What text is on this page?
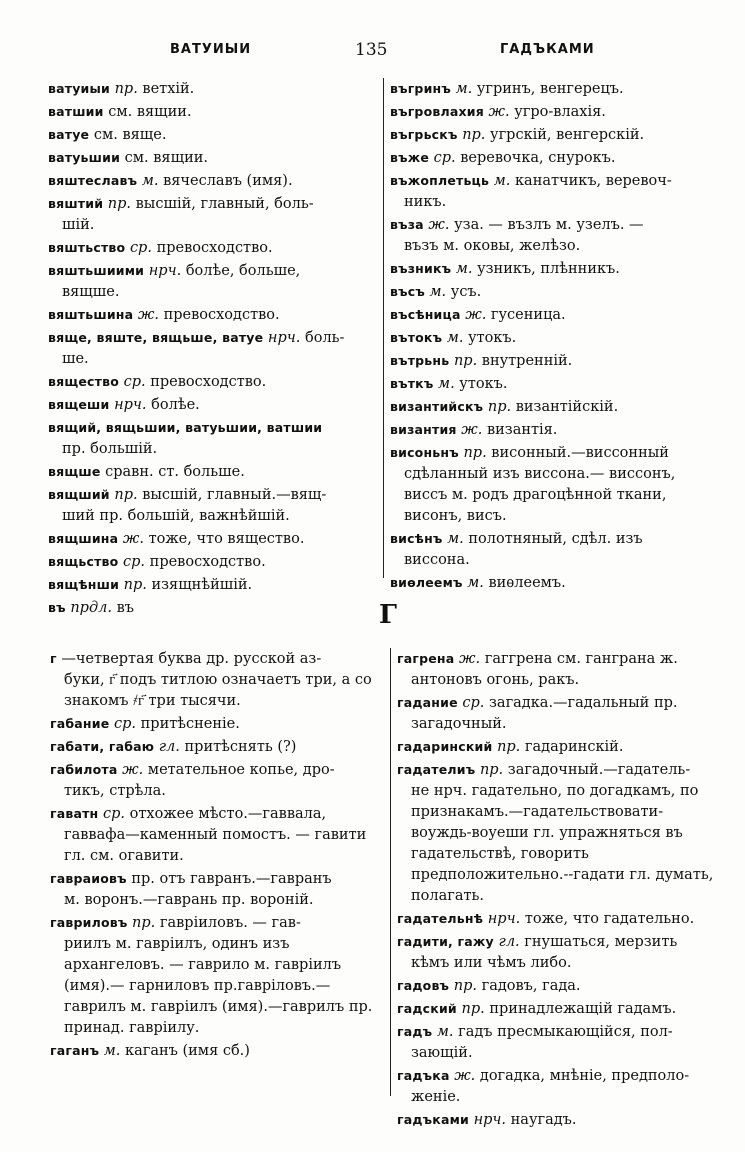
ВАТУИЫИ	135	ГАДЪКАМИ
ватуиыи пр. ветхій.
ватшии см. вящии.
ватуе см. вяще.
ватуьшии см. вящии.
вяштеславъ м. вячеславъ (имя).
вяштий пр. высшій, главный, боль-
шій.
вяштьство ср. превосходство.
вяштьшиими нрч. болѣе, больше,
вящше.
вяштьшина ж. превосходство.
вяще, вяште, вящьше, ватуе нрч. боль-
ше.
вящество ср. превосходство.
вящеши нрч. болѣе.
вящий, вящьшии, ватуьшии, ватшии
пр. большій.
вящше сравн. ст. больше.
вящший пр. высшій, главный.—вящ-
ший пр. большій, важнѣйшій.
вящшина ж. тоже, что вящество.
вящьство ср. превосходство.
вящѣнши пр. изящнѣйшій.
въ прдл. въ
въгринъ м. угринъ, венгерецъ.
въгровлахия ж. угро-влахія.
въгрьскъ пр. угрскій, венгерскій.
въже ср. веревочка, снурокъ.
въжоплетьць м. канатчикъ, веревоч-
никъ.
въза ж. уза. — възлъ м. узелъ. —
възъ м. оковы, желѣзо.
възникъ м. узникъ, плѣнникъ.
въсъ м. усъ.
въсѣница ж. гусеница.
вътокъ м. утокъ.
вътрьнь пр. внутренній.
въткъ м. утокъ.
византийскъ пр. византійскій.
византия ж. византія.
висоньнъ пр. висонный.—виссонный
сдѣланный изъ виссона.— виссонъ, виссъ м. родъ драгоцѣнной ткани, висонъ, висъ.
висѣнъ м. полотняный, сдѣл. изъ
виссона.
виѳлеемъ м. виѳлеемъ.
Г
г —четвертая буква др. русской аз-
буки, г҃ подъ титлою означаетъ три, а со знакомъ ҂г҃ три тысячи.
габание ср. притѣсненіе.
габати, габаю гл. притѣснять (?)
габилота ж. метательное копье, дро-
тикъ, стрѣла.
гаватн ср. отхожее мѣсто.—гаввала,
гаввафа—каменный помостъ. — гавити гл. см. огавити.
гавраиовъ пр. отъ гавранъ.—гавранъ
м. воронъ.—гаврань пр. вороній.
гавриловъ пр. гавріиловъ. — гав-
риилъ м. гавріилъ, одинъ изъ архангеловъ. — гаврило м. гавріилъ (имя).— гарниловъ пр.гавріловъ.— гаврилъ м. гавріилъ (имя).—гаврилъ пр. принад. гавріилу.
гаганъ м. каганъ (имя сб.)
гагрена ж. гаггрена см. ганграна ж.
антоновъ огонь, ракъ.
гадание ср. загадка.—гадальный пр.
загадочный.
гадаринский пр. гадаринскій.
гадателиъ пр. загадочный.—гадатель-
не нрч. гадательно, по догадкамъ, по признакамъ.—гадательствовати-воуждь-воуеши гл. упражняться въ гадательствѣ, говорить предположительно.--гадати гл. думать, полагать.
гадательнѣ нрч. тоже, что гадательно.
гадити, гажу гл. гнушаться, мерзить
кѣмъ или чѣмъ либо.
гадовъ пр. гадовъ, гада.
гадский пр. принадлежащій гадамъ.
гадъ м. гадъ пресмыкающійся, пол-
зающій.
гадъка ж. догадка, мнѣніе, предполо-
женіе.
гадъками нрч. наугадъ.
